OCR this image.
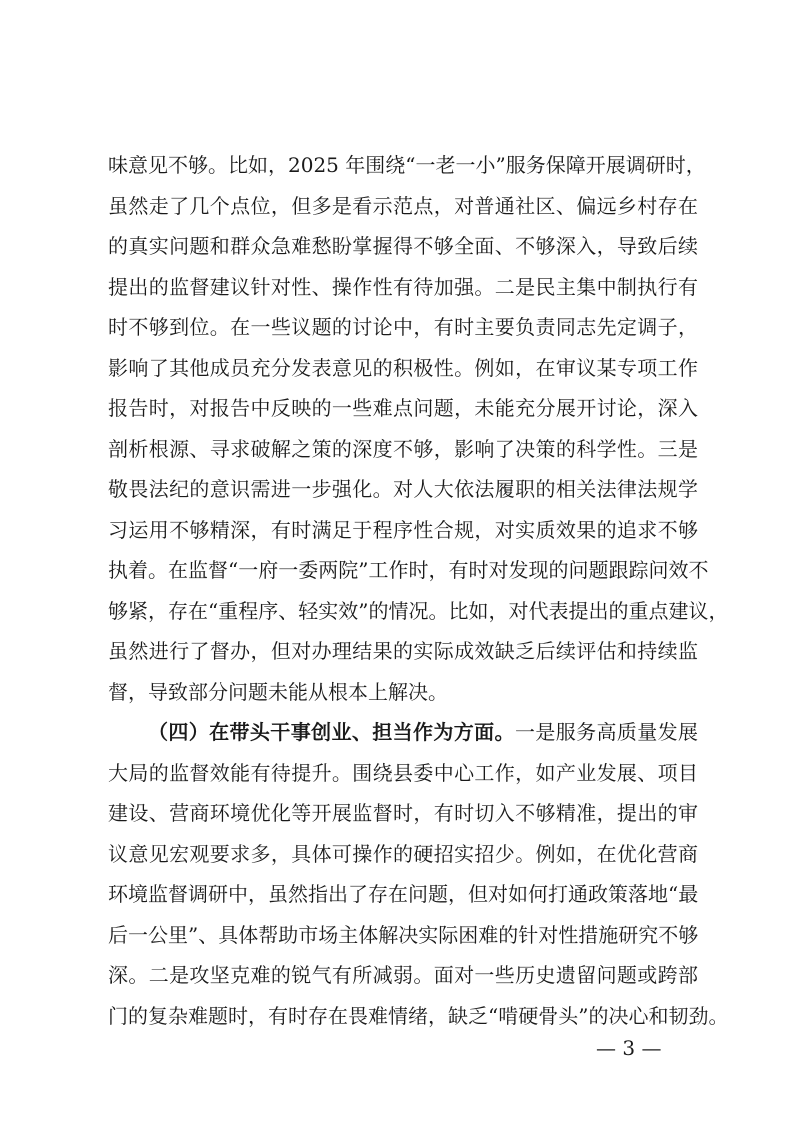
味意见不够。比如，2025 年围绕“一老一小”服务保障开展调研时，
虽然走了几个点位，但多是看示范点，对普通社区、偏远乡村存在
的真实问题和群众急难愁盼掌握得不够全面、不够深入，导致后续
提出的监督建议针对性、操作性有待加强。二是民主集中制执行有
时不够到位。在一些议题的讨论中，有时主要负责同志先定调子，
影响了其他成员充分发表意见的积极性。例如，在审议某专项工作
报告时，对报告中反映的一些难点问题，未能充分展开讨论，深入
剖析根源、寻求破解之策的深度不够，影响了决策的科学性。三是
敬畏法纪的意识需进一步强化。对人大依法履职的相关法律法规学
习运用不够精深，有时满足于程序性合规，对实质效果的追求不够
执着。在监督“一府一委两院”工作时，有时对发现的问题跟踪问效不
够紧，存在“重程序、轻实效”的情况。比如，对代表提出的重点建议，
虽然进行了督办，但对办理结果的实际成效缺乏后续评估和持续监
督，导致部分问题未能从根本上解决。
（四）在带头干事创业、担当作为方面。一是服务高质量发展
大局的监督效能有待提升。围绕县委中心工作，如产业发展、项目
建设、营商环境优化等开展监督时，有时切入不够精准，提出的审
议意见宏观要求多，具体可操作的硬招实招少。例如，在优化营商
环境监督调研中，虽然指出了存在问题，但对如何打通政策落地“最
后一公里”、具体帮助市场主体解决实际困难的针对性措施研究不够
深。二是攻坚克难的锐气有所减弱。面对一些历史遗留问题或跨部
门的复杂难题时，有时存在畏难情绪，缺乏“啃硬骨头”的决心和韧劲。
— 3 —
